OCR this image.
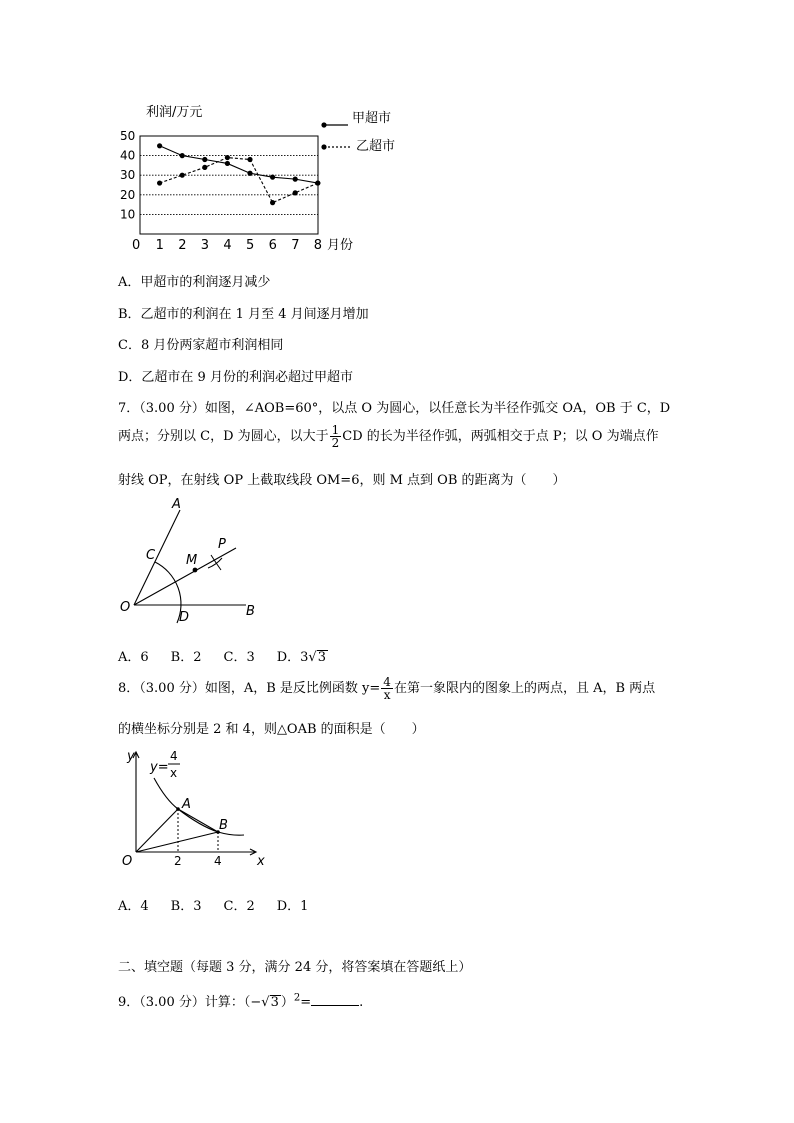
利润/万元
10
20
30
40
50
0 1 2 3 4 5 6 7 8 月份
甲超市
乙超市
A．甲超市的利润逐月减少
B．乙超市的利润在 1 月至 4 月间逐月增加
C．8 月份两家超市利润相同
D．乙超市在 9 月份的利润必超过甲超市
7．（3.00 分）如图，∠AOB=60°，以点 O 为圆心，以任意长为半径作弧交 OA，OB 于 C，D
两点；分别以 C，D 为圆心，以大于 $\frac{1}{2}$ CD 的长为半径作弧，两弧相交于点 P；以 O 为端点作
射线 OP，在射线 OP 上截取线段 OM=6，则 M 点到 OB 的距离为（　　）
A
C M
P
O
D	B
A．6 B．2 C．3 D．3√3
8．（3.00 分）如图，A，B 是反比例函数 $y= \frac{4}{x}$ 在第一象限内的图象上的两点，且 A，B 两点
的横坐标分别是 2 和 4，则△OAB 的面积是（　　）
y
y=
4
x
A
B
O	2	4	x
A．4 B．3 C．2 D．1
二、填空题（每题 3 分，满分 24 分，将答案填在答题纸上）
9．（3.00 分）计算：（−√3 ）$^2$=	.
